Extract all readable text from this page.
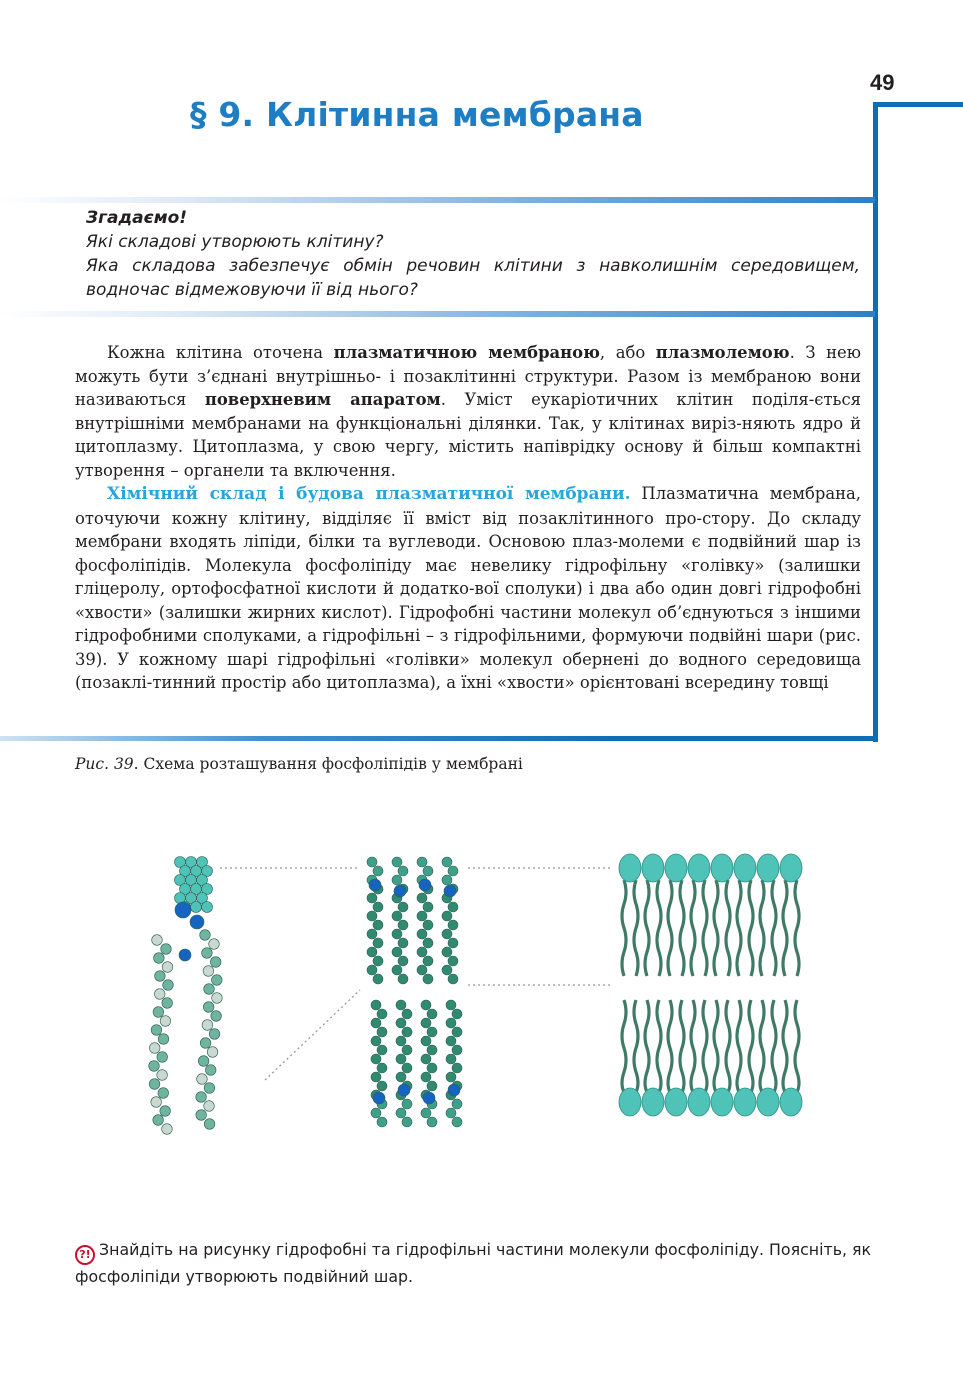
49
§ 9. Клітинна мембрана
Згадаємо!
Які складові утворюють клітину?
Яка складова забезпечує обмін речовин клітини з навколишнім середовищем, водночас відмежовуючи її від нього?

Кожна клітина оточена плазматичною мембраною, або плазмолемою. З нею можуть бути з’єднані внутрішньо- і позаклітинні структури. Разом із мембраною вони називаються поверхневим апаратом. Уміст еукаріотичних клітин поділя-ється внутрішніми мембранами на функціональні ділянки. Так, у клітинах виріз-няють ядро й цитоплазму. Цитоплазма, у свою чергу, містить напіврідку основу й більш компактні утворення – органели та включення.

Хімічний склад і будова плазматичної мембрани. Плазматична мембрана, оточуючи кожну клітину, відділяє її вміст від позаклітинного про-стору. До складу мембрани входять ліпіди, білки та вуглеводи. Основою плаз-молеми є подвійний шар із фосфоліпідів. Молекула фосфоліпіду має невелику гідрофільну «голівку» (залишки гліцеролу, ортофосфатної кислоти й додатко-вої сполуки) і два або один довгі гідрофобні «хвости» (залишки жирних кислот). Гідрофобні частини молекул об’єднуються з іншими гідрофобними сполуками, а гідрофільні – з гідрофільними, формуючи подвійні шари (рис. 39). У кожному шарі гідрофільні «голівки» молекул обернені до водного середовища (позаклі-тинний простір або цитоплазма), а їхні «хвости» орієнтовані всередину товщі

Рис. 39. Схема розташування фосфоліпідів у мембрані
?! Знайдіть на рисунку гідрофобні та гідрофільні частини молекули фосфоліпіду. Поясніть, як фосфоліпіди утворюють подвійний шар.
